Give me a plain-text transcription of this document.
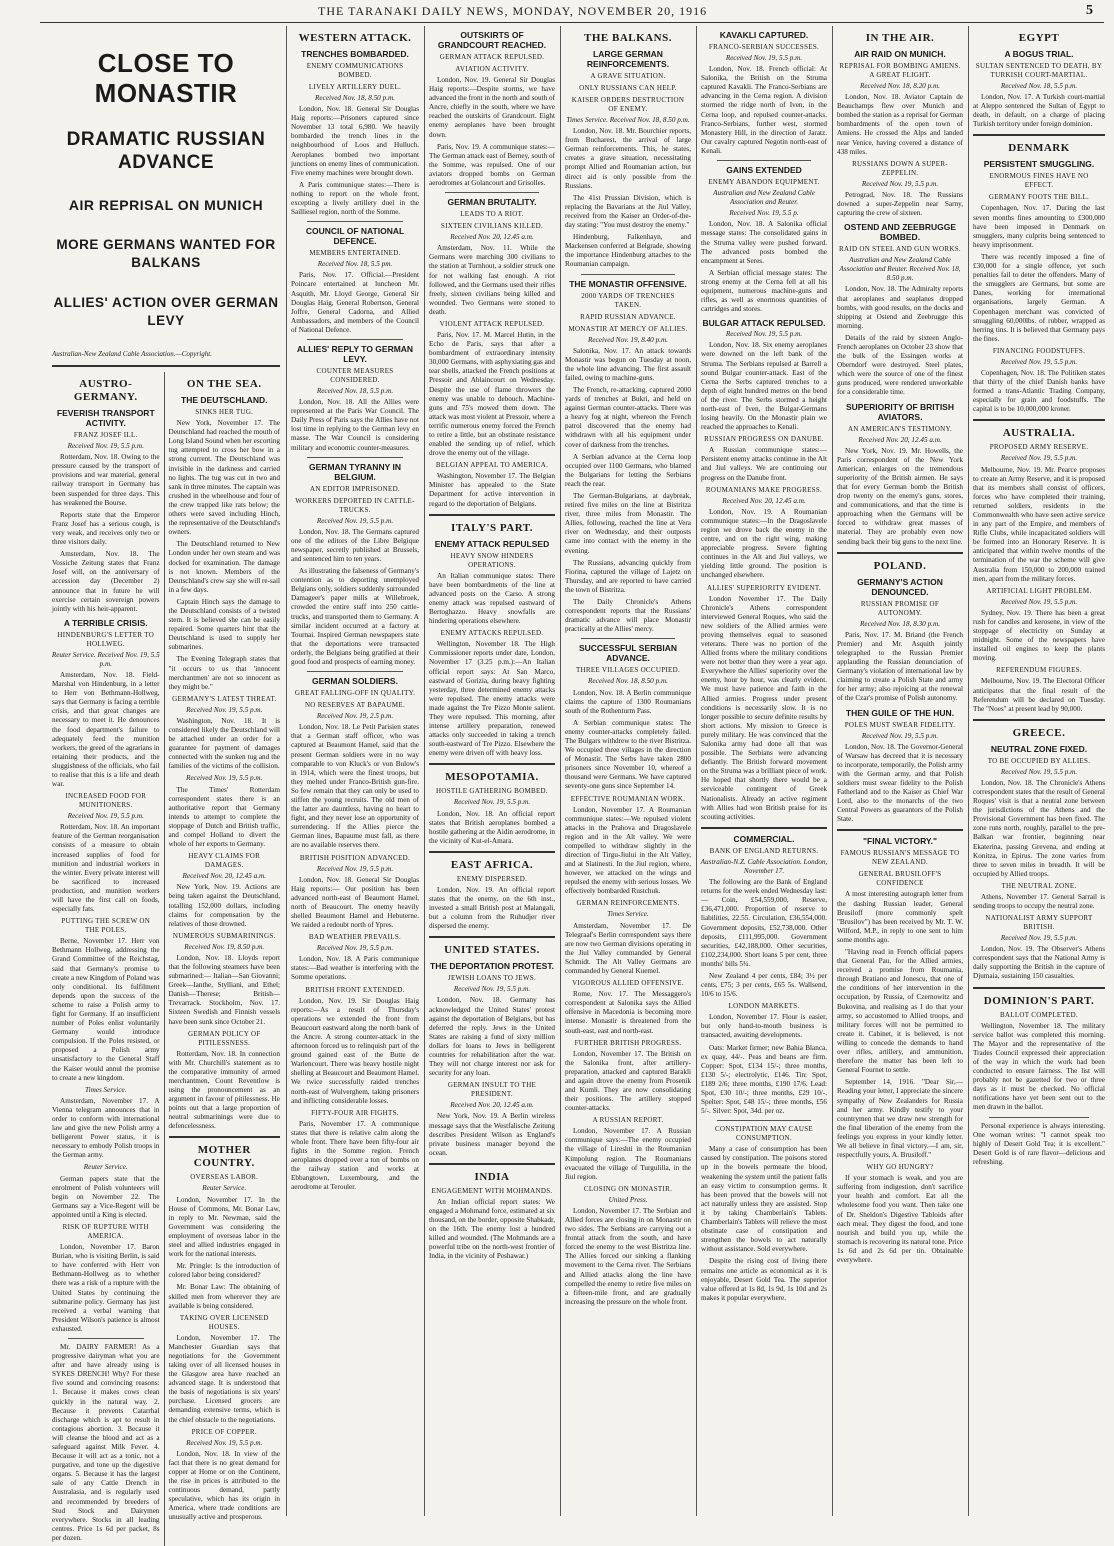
THE TARANAKI DAILY NEWS, MONDAY, NOVEMBER 20, 1916	5
CLOSE TO MONASTIR
DRAMATIC RUSSIAN ADVANCE
AIR REPRISAL ON MUNICH
MORE GERMANS WANTED FOR BALKANS
ALLIES' ACTION OVER GERMAN LEVY
Australian-New Zealand Cable Association.—Copyright.
AUSTRO-GERMANY.
FEVERISH TRANSPORT ACTIVITY.
FRANZ JOSEF ILL.
Received Nov. 19, 5.5 p.m.

Rotterdam, Nov. 18. Owing to the pressure caused by the transport of provisions and war material, general railway transport in Germany has been suspended for three days. This has weakened the Bourse.

Reports state that the Emperor Franz Josef has a serious cough, is very weak, and receives only two or three visitors daily.

Amsterdam, Nov. 18. The Vossiche Zeitung states that Franz Josef will, on the anniversary of accession day (December 2) announce that in future he will exercise certain sovereign powers jointly with his heir-apparent.

A TERRIBLE CRISIS.
HINDENBURG'S LETTER TO HOLLWEG.
Reuter Service. Received Nov. 19, 5.5 p.m.

Amsterdam, Nov. 18. Field-Marshal von Hindenburg, in a letter to Herr von Bethmann-Hollweg, says that Germany is facing a terrible crisis, and that great changes are necessary to meet it. He denounces the food department's failure to adequately feed the munition workers, the greed of the agrarians in retaining their products, and the sluggishness of the officials, who fail to realise that this is a life and death war.

INCREASED FOOD FOR MUNITIONERS.
Received Nov. 19, 5.5 p.m.

Rotterdam, Nov. 18. An important feature of the German reorganisation consists of a measure to obtain increased supplies of food for munition and industrial workers in the winter. Every private interest will be sacrificed to increased production, and munition workers will have the first call on foods, especially fats.

PUTTING THE SCREW ON THE POLES.

Berne, November 17. Herr von Bethmann Hollweg, addressing the Grand Committee of the Reichstag, said that Germany's promise to create a new Kingdom of Poland was only conditional. Its fulfilment depends upon the success of the scheme to raise a Polish army to fight for Germany. If an insufficient number of Poles enlist voluntarily Germany would introduce compulsion. If the Poles resisted, or proposed a Polish army unsatisfactory to the General Staff the Kaiser would annul the promise to create a new kingdom.

Times Service.

Amsterdam, November 17. A Vienna telegram announces that in order to conform with international law and give the new Polish army a belligerent Power status, it is necessary to embody Polish troops in the German army.

Reuter Service.

German papers state that the enrolment of Polish volunteers will begin on November 22. The Germans say a Vice-Regent will be appointed until a King is elected.

RISK OF RUPTURE WITH AMERICA.

London, November 17. Baron Burian, who is visiting Berlin, is said to have conferred with Herr von Bethmann-Hollweg as to whether there was a risk of a rupture with the United States by continuing the submarine policy. Germany has just received a verbal warning that President Wilson's patience is almost exhausted.

Mr. DAIRY FARMER! As a progressive dairyman what you are after and have already using is SYKES DRENCH! Why? For these five sound and convincing reasons: 1. Because it makes cows clean quickly in the natural way. 2. Because it prevents Catarrhal discharge which is apt to result in contagious abortion. 3. Because it will cleanse the blood and act as a safeguard against Milk Fever. 4. Because it will act as a tonic, not a purgative, and tone up the digestive organs. 5. Because it has the largest sale of any Cattle Drench in Australasia, and is regularly used and recommended by breeders of Stud Stock and Dairymen everywhere. Stocks in all leading centres. Price 1s 6d per packet, 8s per dozen.

ON THE SEA.
THE DEUTSCHLAND.
SINKS HER TUG.

New York, November 17. The Deutschland had reached the mouth of Long Island Sound when her escorting tug attempted to cross her bow in a strong current. The Deutschland was invisible in the darkness and carried no lights. The tug was cut in two and sank in three minutes. The captain was crushed in the wheelhouse and four of the crew trapped like rats below; the others were saved including Hinch, the representative of the Deutschland's owners.

The Deutschland returned to New London under her own steam and was docked for examination. The damage is not known. Members of the Deutschland's crew say she will re-sail in a few days.

Captain Hinch says the damage to the Deutschland consists of a twisted stem. It is believed she can be easily repaired. Some quarters hint that the Deutschland is used to supply her submarines.

The Evening Telegraph states that "it occurs to us that 'innocent merchantmen' are not so innocent as they might be."

GERMANY'S LATEST THREAT.
Received Nov. 19, 5.5 p.m.

Washington, Nov. 18. It is considered likely the Deutschland will be attached under an order for a guarantee for payment of damages connected with the sunken tug and the families of the victims of the collision.

Received Nov. 19, 5.5 p.m.

The Times' Rotterdam correspondent states there is an authoritative report that Germany intends to attempt to complete the stoppage of Dutch and British traffic, and compel Holland to divert the whole of her exports to Germany.

HEAVY CLAIMS FOR DAMAGES.
Received Nov. 20, 12.45 a.m.

New York, Nov. 19. Actions are being taken against the Deutschland, totalling 152,000 dollars, including claims for compensation by the relatives of those drowned.

NUMEROUS SUBMARININGS.
Received Nov. 19, 8.50 p.m.

London, Nov. 18. Lloyds report that the following steamers have been submarined:— Italian—San Giovanni; Greek—Ianthe, Stylliani, and Ethel; Danish—Therese; British—Trevarrack. Stockholm, Nov. 17. Sixteen Swedish and Finnish vessels have been sunk since October 21.

GERMAN POLICY OF PITILESSNESS.

Rotterdam, Nov. 18. In connection with Mr. Churchill's statement as to the comparative immunity of armed merchantmen, Count Reventlow is using the pronouncement as an argument in favour of pitilessness. He points out that a large proportion of neutral submarinings were due to defencelessness.

MOTHER COUNTRY.
OVERSEAS LABOR.
Reuter Service.

London, November 17. In the House of Commons, Mr. Bonar Law, in reply to Mr. Newman, said the Government was considering the employment of overseas labor in the steel and allied industries engaged in work for the national interests.

Mr. Pringle: Is the introduction of colored labor being considered?

Mr. Bonar Law: The obtaining of skilled men from wherever they are available is being considered.

TAKING OVER LICENSED HOUSES.

London, November 17. The Manchester Guardian says that negotiations for the Government taking over of all licensed houses in the Glasgow area have reached an advanced stage. It is understood that the basis of negotiations is six years' purchase. Licensed grocers are demanding extensive terms, which is the chief obstacle to the negotiations.

PRICE OF COPPER.
Received Nov. 19, 5.5 p.m.

London, Nov. 18. In view of the fact that there is no great demand for copper at Home or on the Continent, the rise in prices is attributed to the continuous demand, partly speculative, which has its origin in America, where trade conditions are unusually active and prosperous.

WESTERN ATTACK.
TRENCHES BOMBARDED.
ENEMY COMMUNICATIONS BOMBED.
LIVELY ARTILLERY DUEL.
Received Nov. 18, 8.50 p.m.

London, Nov. 18. General Sir Douglas Haig reports:—Prisoners captured since November 13 total 6,980. We heavily bombarded the trench lines in the neighbourhood of Loos and Hulluch. Aeroplanes bombed two important junctions on enemy lines of communication. Five enemy machines were brought down.

A Paris communique states:—There is nothing to report on the whole front, excepting a lively artillery duel in the Sailliesel region, north of the Somme.

COUNCIL OF NATIONAL DEFENCE.
MEMBERS ENTERTAINED.
Received Nov. 18, 5.5 pm.

Paris, Nov. 17. Official.—President Poincare entertained at luncheon Mr. Asquith, Mr. Lloyd George, General Sir Douglas Haig, General Robertson, General Joffre, General Cadorna, and Allied Ambassadors, and members of the Council of National Defence.

ALLIES' REPLY TO GERMAN LEVY.
COUNTER MEASURES CONSIDERED.
Received Nov. 18, 5.5 p.m.

London, Nov. 18. All the Allies were represented at the Paris War Council. The Daily Press of Paris says the Allies have not lost time in replying to the German levy en masse. The War Council is considering military and economic counter-measures.

GERMAN TYRANNY IN BELGIUM.
AN EDITOR IMPRISONED.
WORKERS DEPORTED IN CATTLE-TRUCKS.
Received Nov. 19, 5.5 p.m.

London, Nov. 18. The Germans captured one of the editors of the Libre Belgique newspaper, secretly published at Brussels, and sentenced him to ten years.

As illustrating the falseness of Germany's contention as to deporting unemployed Belgians only, soldiers suddenly surrounded Damageer's paper mills at Willebroek, crowded the entire staff into 250 cattle-trucks, and transported them to Germany. A similar incident occurred at a factory at Tournai. Inspired German newspapers state that the deportations were transacted orderly, the Belgians being gratified at their good food and prospects of earning money.

GERMAN SOLDIERS.
GREAT FALLING-OFF IN QUALITY.
NO RESERVES AT BAPAUME.
Received Nov. 19, 2.5 p.m.

London, Nov. 18. Le Petit Parisien states that a German staff officer, who was captured at Beaumont Hamel, said that the present German soldiers were in no way comparable to von Kluck's or von Bulow's in 1914, which were the finest troops, but they melted under Franco-British gun-fire. So few remain that they can only be used to stiffen the young recruits. The old men of the latter are dauntless, having no heart to fight, and they never lose an opportunity of surrendering. If the Allies pierce the German lines, Bapaume must fall, as there are no available reserves there.

BRITISH POSITION ADVANCED.
Received Nov. 19, 5.5 p.m.

London, Nov. 18. General Sir Douglas Haig reports:— Our position has been advanced north-east of Beaumont Hamel, north of Beaucourt. The enemy heavily shelled Beaumont Hamel and Hebuterne. We raided a redoubt north of Ypres.

BAD WEATHER PREVAILS.
Received Nov. 19, 5.5 p.m.

London, Nov. 18. A Paris communique states:—Bad weather is interfering with the Somme operations.

BRITISH FRONT EXTENDED.

London, Nov. 19. Sir Douglas Haig reports:—As a result of Thursday's operations we extended the front from Beaucourt eastward along the north bank of the Ancre. A strong counter-attack in the afternoon forced us to relinquish part of the ground gained east of the Butte de Warlencourt. There was heavy hostile night shelling at Beaucourt and Beaumont Hamel. We twice successfully raided trenches north-east of Wulverghem, taking prisoners and inflicting considerable losses.

FIFTY-FOUR AIR FIGHTS.

Paris, November 17. A communique states that there is relative calm along the whole front. There have been fifty-four air fights in the Somme region. French aeroplanes dropped over a ton of bombs on the railway station and works at Ebbangtown, Luxembourg, and the aerodrome at Terouler.

OUTSKIRTS OF GRANDCOURT REACHED.
GERMAN ATTACK REPULSED.
AVIATION ACTIVITY.

London, Nov. 19. General Sir Douglas Haig reports:—Despite storms, we have advanced the front in the north and south of Ancre, chiefly in the south, where we have reached the outskirts of Grandcourt. Eight enemy aeroplanes have been brought down.

Paris, Nov. 19. A communique states:—The German attack east of Berney, south of the Somme, was repulsed. One of our aviators dropped bombs on German aerodromes at Golancourt and Grisolles.

GERMAN BRUTALITY.
LEADS TO A RIOT.
SIXTEEN CIVILIANS KILLED.
Received Nov. 20, 12.45 a.m.

Amsterdam, Nov. 11. While the Germans were marching 300 civilians to the station at Turnhout, a soldier struck one for not walking fast enough. A riot followed, and the Germans used their rifles freely, sixteen civilians being killed and wounded. Two Germans were stoned to death.

VIOLENT ATTACK REPULSED.

Paris, Nov. 17. M. Marcel Hutin, in the Echo de Paris, says that after a bombardment of extraordinary intensity 30,000 Germans, with asphyxiating gas and tear shells, attacked the French positions at Pressoir and Ablaincourt on Wednesday. Despite the use of flame throwers the enemy was unable to debouch. Machine-guns and 75's mowed them down. The attack was most violent at Pressoir, where a terrific numerous enemy forced the French to retire a little, but an obstinate resistance enabled the sending up of relief, which drove the enemy out of the village.

BELGIAN APPEAL TO AMERICA.

Washington, November 17. The Belgian Minister has appealed to the State Department for active intervention in regard to the deportation of Belgians.

ITALY'S PART.
ENEMY ATTACK REPULSED
HEAVY SNOW HINDERS OPERATIONS.

An Italian communique states: There have been bombardments of the line at advanced posts on the Carso. A strong enemy attack was repulsed eastward of Bertoghazzo. Heavy snowfalls are hindering operations elsewhere.

ENEMY ATTACKS REPULSED.

Wellington, November 18. The High Commissioner reports under date, London, November 17 (3.25 p.m.):—An Italian official report says: At San Marco, eastward of Gorizia, during heavy fighting yesterday, three determined enemy attacks were repulsed. The enemy attacks were made against the Tre Pizzo Monte salient. They were repulsed. This morning, after intense artillery preparation, renewed attacks only succeeded in taking a trench south-eastward of Tre Pizzo. Elsewhere the enemy were driven off with heavy loss.

MESOPOTAMIA.
HOSTILE GATHERING BOMBED.
Received Nov. 19, 5.5 p.m.

London, Nov. 18. An official report states that British aeroplanes bombed a hostile gathering at the Aidin aerodrome, in the vicinity of Kut-el-Amara.

EAST AFRICA.
ENEMY DISPERSED.

London, Nov. 19. An official report states that the enemy, on the 6th inst., invested a small British post at Malangali, but a column from the Ruhudjer river dispersed the enemy.

UNITED STATES.
THE DEPORTATION PROTEST.
JEWISH LOANS TO JEWS.
Received Nov. 19, 5.5 p.m.

London, Nov. 18. Germany has acknowledged the United States' protest against the deportation of Belgians, but has deferred the reply. Jews in the United States are raising a fund of sixty million dollars for loans to Jews in belligerent countries for rehabilitation after the war. They will not charge interest nor ask for security for any loan.

GERMAN INSULT TO THE PRESIDENT.
Received Nov. 20, 12.45 a.m.

New York, Nov. 19. A Berlin wireless message says that the Westfalische Zeitung describes President Wilson as England's private business manager beyond the ocean.

INDIA
ENGAGEMENT WITH MOHMANDS.

An Indian official report states: We engaged a Mohmand force, estimated at six thousand, on the border, opposite Shabkadr, on the 16th. The enemy lost a hundred killed and wounded. (The Mohmands are a powerful tribe on the north-west frontier of India, in the vicinity of Peshawar.)

THE BALKANS.
LARGE GERMAN REINFORCEMENTS.
A GRAVE SITUATION.
ONLY RUSSIANS CAN HELP.
KAISER ORDERS DESTRUCTION OF ENEMY.
Times Service. Received Nov. 18, 8.50 p.m.

London, Nov. 18. Mr. Bourchier reports, from Bucharest, the arrival of large German reinforcements. This, he states, creates a grave situation, necessitating prompt Allied and Roumanian action, but direct aid is only possible from the Russians.

The 41st Prussian Division, which is replacing the Bavarians at the Jiul Valley, received from the Kaiser an Order-of-the-day stating: "You must destroy the enemy."

Hindenburg, Falkenhayn, and Mackensen conferred at Belgrade, showing the importance Hindenburg attaches to the Roumanian campaign.

THE MONASTIR OFFENSIVE.
2000 YARDS OF TRENCHES TAKEN.
RAPID RUSSIAN ADVANCE.
MONASTIR AT MERCY OF ALLIES.
Received Nov. 19, 8.40 p.m.

Salonika, Nov. 17. An attack towards Monastir was begun on Tuesday at noon, the whole line advancing. The first assault failed, owing to machine-guns.

The French, re-attacking, captured 2000 yards of trenches at Bukri, and held on against German counter-attacks. There was a heavy fog at night, whereon the French patrol discovered that the enemy had withdrawn with all his equipment under cover of darkness from the trenches.

A Serbian advance at the Cerna loop occupied over 1100 Germans, who blamed the Bulgarians for letting the Serbians reach the rear.

The German-Bulgarians, at daybreak, retired five miles on the line at Bistritza river, three miles from Monastir. The Allies, following, reached the line at Vera river on Wednesday, and their outposts came into contact with the enemy in the evening.

The Russians, advancing quickly from Fiorina, captured the village of Lajetz on Thursday, and are reported to have carried the town of Bistritza.

The Daily Chronicle's Athens correspondent reports that the Russians' dramatic advance will place Monastir practically at the Allies' mercy.

SUCCESSFUL SERBIAN ADVANCE.
THREE VILLAGES OCCUPIED.
Received Nov. 18, 8.50 p.m.

London, Nov. 18. A Berlin communique claims the capture of 1300 Roumanians south of the Rothenturm Pass.

A Serbian communique states: The enemy counter-attacks completely failed. The Bulgars withdrew to the river Bistritza. We occupied three villages in the direction of Monastir. The Serbs have taken 2800 prisoners since November 10, whereof a thousand were Germans. We have captured seventy-one guns since September 14.

EFFECTIVE ROUMANIAN WORK.

London, November 17. A Roumanian communique states:—We repulsed violent attacks in the Prahova and Dragoslavele region and in the Alt valley. We were compelled to withdraw slightly in the direction of Tirgu-Jiului in the Alt Valley, and at Slatinesti. In the Jiul region, where, however, we attacked on the wings and repulsed the enemy with serious losses. We effectively bombarded Rustchuk.

GERMAN REINFORCEMENTS.
Times Service.

Amsterdam, November 17. De Telegraaf's Berlin correspondent says there are now two German divisions operating in the Jiul Valley commanded by General Schmidt. The Alt Valley Germans are commanded by General Kuemel.

VIGOROUS ALLIED OFFENSIVE.

Rome, Nov. 17. The Messaggero's correspondent at Salonika says the Allied offensive in Macedonia is becoming more intense. Monastir is threatened from the south-east, east and north-east.

FURTHER BRITISH PROGRESS.

London, November 17. The British on the Salonika front, after artillery-preparation, attacked and captured Barakli and again drove the enemy from Prosenik and Kumli. They are now consolidating their positions. The artillery stopped counter-attacks.

A RUSSIAN REPORT.

London, November 17. A Russian communique says:—The enemy occupied the village of Lireshti in the Roumanian Kimpolung region. The Roumanians evacuated the village of Turgulilla, in the Jiul region.

CLOSING ON MONASTIR.
United Press.

London, November 17. The Serbian and Allied forces are closing in on Monastir on two sides. The Serbians are carrying out a frontal attack from the south, and have forced the enemy to the west Bistritza line. The Allies forced our sinking a flanking movement to the Cerna river. The Serbians and Allied attacks along the line have compelled the enemy to retire five miles on a fifteen-mile front, and are gradually increasing the pressure on the whole front.

KAVAKLI CAPTURED.
FRANCO-SERBIAN SUCCESSES.
Received Nov. 19, 5.5 p.m.

London, Nov. 18. French official: At Salonika, the British on the Struma captured Kavakli. The Franco-Serbians are advancing in the Cerna region. A division stormed the ridge north of Iven, in the Cerna loop, and repulsed counter-attacks. Franco-Serbians, further west, stormed Monastery Hill, in the direction of Jaratz. Our cavalry captured Negotin north-east of Kenali.

GAINS EXTENDED
ENEMY ABANDON EQUIPMENT.
Australian and New Zealand Cable Association and Reuter.
Received Nov. 19, 5.5 p.

London, Nov. 18. A Salonika official message states: The consolidated gains in the Struma valley were pushed forward. The advanced posts bombed the encampment at Seres.

A Serbian official message states: The strong enemy at the Cerna fell at all his equipment, numerous machine-guns and rifles, as well as enormous quantities of cartridges and stores.

BULGAR ATTACK REPULSED.
Received Nov. 19, 5.5 p.m.

London, Nov. 18. Six enemy aeroplanes were downed on the left bank of the Struma. The Serbians repulsed at Barrell a sound Bulgar counter-attack. East of the Cerna the Serbs captured trenches to a depth of eight hundred metres on the bend of the river. The Serbs stormed a height north-east of Iven, the Bulgar-Germans losing heavily. On the Monastir plain we reached the approaches to Kenali.

RUSSIAN PROGRESS ON DANUBE.

A Russian communique states:—Persistent enemy attacks continue in the Alt and Jiul valleys. We are continuing our progress on the Danube front.

ROUMANIANS MAKE PROGRESS.
Received Nov. 20, 12.45 a.m.

London, Nov. 19. A Roumanian communique states:—In the Dragoslavele region we drove back the enemy in the centre, and on the right wing, making appreciable progress. Severe fighting continues in the Alt and Jiul valleys, we yielding little ground. The position is unchanged elsewhere.

ALLIES' SUPERIORITY EVIDENT.

London November 17. The Daily Chronicle's Athens correspondent interviewed General Roques, who said the new soldiers of the Allied armies were proving themselves equal to seasoned veterans. There was no portion of the Allied fronts where the military conditions were not better than they were a year ago. Everywhere the Allies' superiority over the enemy, hour by hour, was clearly evident. We must have patience and faith in the Allied armies. Progress under present conditions is necessarily slow. It is no longer possible to secure definite results by short actions. My mission to Greece is purely military. He was convinced that the Salonika army had done all that was possible. The Serbians were advancing defiantly. The British forward movement on the Struma was a brilliant piece of work. He hoped that shortly there would be a serviceable contingent of Greek Nationalists. Already an active regiment with Allies had won British praise for its scouting activities.

COMMERCIAL.
BANK OF ENGLAND RETURNS.
Australian-N.Z. Cable Association. London, November 17.

The following are the Bank of England returns for the week ended Wednesday last:— Coin, £54,559,000, Reserve, £36,471,000. Proportion of reserve to liabilities, 22.55. Circulation, £36,554,000. Government deposits, £52,738,000. Other deposits, £111,995,000. Government securities, £42,188,000. Other securities, £102,234,000. Short loans 5 per cent, three months' bills 5¾.

New Zealand 4 per cents, £84; 3½ per cents, £75; 3 per cents, £65 5s. Wallsend, 10/6 to 15/6.

LONDON MARKETS.

London, November 17. Flour is easier, but only hand-to-mouth business is transacted, awaiting developments.

Oats: Market firmer; new Bahia Blanca, ex quay, 44/-. Peas and beans are firm. Copper: Spot, £134 15/-; three months, £130 5/-; electrolytic, £146. Tin: Spot, £189 2/6; three months, £190 17/6. Lead: Spot, £30 10/-; three months, £29 10/-. Spelter: Spot, £48 15/-; three months, £56 5/-. Silver: Spot, 34d. per oz.

CONSTIPATION MAY CAUSE CONSUMPTION.

Many a case of consumption has been caused by constipation. The poisons stored up in the bowels permeate the blood, weakening the system until the patient falls an easy victim to consumption germs. It has been proved that the bowels will not act naturally unless they are assisted. Stop it by taking Chamberlain's Tablets. Chamberlain's Tablets will relieve the most obstinate case of constipation and strengthen the bowels to act naturally without assistance. Sold everywhere.

Despite the rising cost of living there remains one article as economical as it is enjoyable, Desert Gold Tea. The superior value offered at 1s 8d, 1s 9d, 1s 10d and 2s makes it popular everywhere.

IN THE AIR.
AIR RAID ON MUNICH.
REPRISAL FOR BOMBING AMIENS. A GREAT FLIGHT.
Received Nov. 18, 8.20 p.m.

London, Nov. 18. Aviator Captain de Beauchamps flew over Munich and bombed the station as a reprisal for German bombardments of the open town of Amiens. He crossed the Alps and landed near Venice, having covered a distance of 438 miles.

RUSSIANS DOWN A SUPER-ZEPPELIN.
Received Nov. 19, 5.5 p.m.

Petrograd, Nov. 18. The Russians downed a super-Zeppelin near Sarny, capturing the crew of sixteen.

OSTEND AND ZEEBRUGGE BOMBED.
RAID ON STEEL AND GUN WORKS.
Australian and New Zealand Cable Association and Reuter. Received Nov. 18, 8.50 p.m.

London, Nov. 18. The Admiralty reports that aeroplanes and seaplanes dropped bombs, with good results, on the docks and shipping at Ostend and Zeebrugge this morning.

Details of the raid by sixteen Anglo-French aeroplanes on October 23 show that the bulk of the Essingen works at Oberndorf were destroyed. Steel plates, which were the source of one of the finest guns produced, were rendered unworkable for a considerable time.

SUPERIORITY OF BRITISH AVIATORS.
AN AMERICAN'S TESTIMONY.
Received Nov. 20, 12.45 a.m.

New York, Nov. 19. Mr. Howells, the Paris correspondent of the New York American, enlarges on the tremendous superiority of the British airmen. He says that for every German bomb the British drop twenty on the enemy's guns, stores, and communications, and that the time is approaching when the Germans will be forced to withdraw great masses of material. They are probably even now sending back their big guns to the next line.

POLAND.
GERMANY'S ACTION DENOUNCED.
RUSSIAN PROMISE OF AUTONOMY.
Received Nov. 18, 8.30 p.m.

Paris, Nov. 17. M. Briand (the French Premier) and Mr. Asquith jointly telegraphed to the Russian Premier applauding the Russian denunciation of Germany's violation of international law by claiming to create a Polish State and army for her army; also rejoicing at the renewal of the Czar's promise of Polish autonomy.

THEN GUILE OF THE HUN.
POLES MUST SWEAR FIDELITY.
Received Nov. 19, 5.5 p.m.

London, Nov. 18. The Governor-General of Warsaw has decreed that it is necessary to incorporate, temporarily, the Polish army with the German army, and that Polish soldiers must swear fidelity to the Polish Fatherland and to the Kaiser as Chief War Lord, also to the monarchs of the two Central Powers as guarantors of the Polish State.

"FINAL VICTORY."
FAMOUS RUSSIAN'S MESSAGE TO NEW ZEALAND.
GENERAL BRUSILOFF'S CONFIDENCE

A most interesting autograph letter from the dashing Russian leader, General Brusiloff (more commonly spelt "Brusilov") has been received by Mr. T. W. Wilford, M.P., in reply to one sent to him some months ago.

"Having read in French official papers that General Pau, for the Allied armies, received a promise from Roumania, through Bratiano and Jonescu, that one of the conditions of her intervention in the occupation, by Russia, of Czernowitz and Bukovina, and realising as I do that your army, so accustomed to Allied troops, and military forces will not be permitted to create it. Cabinet, it is believed, is not willing to concede the demands to hand over rifles, artillery, and ammunition, therefore the matter has been left to General Fournet to settle.

September 14, 1916. "Dear Sir,—Reading your letter, I appreciate the sincere sympathy of New Zealanders for Russia and her army. Kindly testify to your countrymen that we draw new strength for the final liberation of the enemy from the feelings you express in your kindly letter. We all believe in final victory.—I am, sir, respectfully yours, A. Brusiloff."

WHY GO HUNGRY?

If your stomach is weak, and you are suffering from indigestion, don't sacrifice your health and comfort. Eat all the wholesome food you want. Then take one of Dr. Sheldon's Digestive Tabloids after each meal. They digest the food, and tone nourish and build you up, while the stomach is recovering its natural tone. Price 1s 6d and 2s 6d per tin. Obtainable everywhere.

EGYPT
A BOGUS TRIAL.
SULTAN SENTENCED TO DEATH, BY TURKISH COURT-MARTIAL.
Received Nov. 18, 5.5 p.m.

London, Nov. 17. A Turkish court-martial at Aleppo sentenced the Sultan of Egypt to death, in default, on a charge of placing Turkish territory under foreign dominion.

DENMARK
PERSISTENT SMUGGLING.
ENORMOUS FINES HAVE NO EFFECT.
GERMANY FOOTS THE BILL.

Copenhagen, Nov. 17. During the last seven months fines amounting to £300,000 have been imposed in Denmark on smugglers, many culprits being sentenced to heavy imprisonment.

There was recently imposed a fine of £30,000 for a single offence, yet such penalties fail to deter the offenders. Many of the smugglers are Germans, but some are Danes, working for international organisations, largely German. A Copenhagen merchant was convicted of smuggling 60,000lbs. of rubber, wrapped as herring tins. It is believed that Germany pays the fines.

FINANCING FOODSTUFFS.
Received Nov. 19, 5.5 p.m.

Copenhagen, Nov. 18. The Politiken states that thirty of the chief Danish banks have formed a trans-Atlantic Trading Company, especially for grain and foodstuffs. The capital is to be 10,000,000 kroner.

AUSTRALIA.
PROPOSED ARMY RESERVE.
Received Nov. 19, 5.5 p.m.

Melbourne, Nov. 19. Mr. Pearce proposes to create an Army Reserve, and it is proposed that its members shall consist of officers, forces who have completed their training, returned soldiers, residents in the Commonwealth who have seen active service in any part of the Empire, and members of Rifle Clubs, while incapacitated soldiers will be formed into an Honorary Reserve. It is anticipated that within twelve months of the termination of the war the scheme will give Australia from 150,000 to 200,000 trained men, apart from the military forces.

ARTIFICIAL LIGHT PROBLEM.
Received Nov. 19, 5.5 p.m.

Sydney, Nov. 19. There has been a great rush for candles and kerosene, in view of the stoppage of electricity on Sunday at midnight. Some of the newspapers have installed oil engines to keep the plants moving.

REFERENDUM FIGURES.

Melbourne, Nov. 19. The Electoral Officer anticipates that the final result of the Referendum will be declared on Tuesday. The "Noes" at present lead by 90,000.

GREECE.
NEUTRAL ZONE FIXED.
TO BE OCCUPIED BY ALLIES.
Received Nov. 19, 5.5 p.m.

London, Nov. 18. The Chronicle's Athens correspondent states that the result of General Roques' visit is that a neutral zone between the jurisdictions of the Athens and the Provisional Government has been fixed. The zone runs north, roughly, parallel to the pre-Balkan war frontier, beginning near Ekaterina, passing Grevena, and ending at Konitza, in Epirus. The zone varies from three to seven miles in breadth. It will be occupied by Allied troops.

THE NEUTRAL ZONE.

Athens, November 17. General Sarrail is sending troops to occupy the neutral zone.

NATIONALIST ARMY SUPPORT BRITISH.
Received Nov. 19, 5.5 p.m.

London, Nov. 19. The Observer's Athens correspondent says that the National Army is daily supporting the British in the capture of Djumaia, sustaining 150 casualties.

DOMINION'S PART.
BALLOT COMPLETED.

Wellington, November 18. The military service ballot was completed this morning. The Mayor and the representative of the Trades Council expressed their appreciation of the way in which the work had been conducted to ensure fairness. The list will probably not be gazetted for two or three days as it must be checked. No official notifications have yet been sent out to the men drawn in the ballot.

Personal experience is always interesting. One woman writes: "I cannot speak too highly of Desert Gold Tea; it is excellent." Desert Gold is of rare flavor—delicious and refreshing.
